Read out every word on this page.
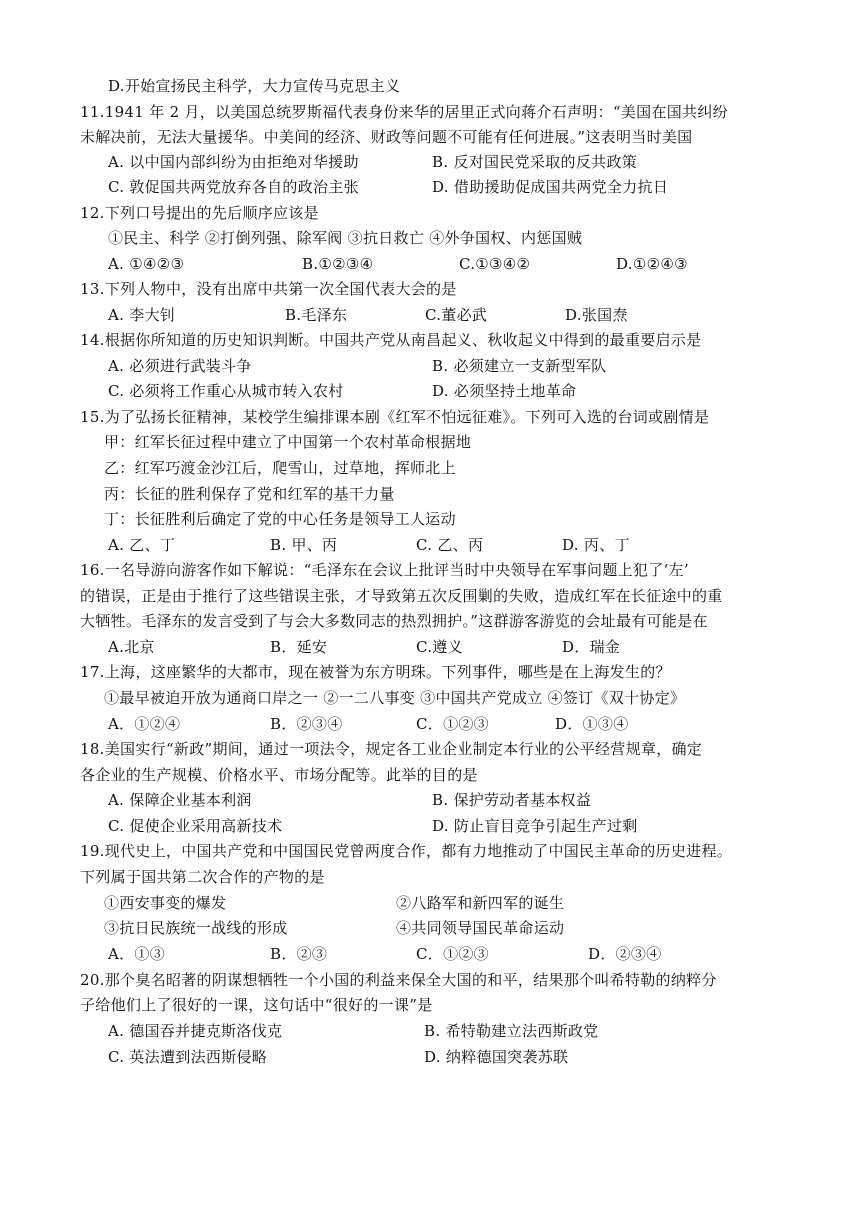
D.开始宣扬民主科学，大力宣传马克思主义
11.1941 年 2 月，以美国总统罗斯福代表身份来华的居里正式向蒋介石声明：“美国在国共纠纷
未解决前，无法大量援华。中美间的经济、财政等问题不可能有任何进展。”这表明当时美国
A. 以中国内部纠纷为由拒绝对华援助	B. 反对国民党采取的反共政策
C. 敦促国共两党放弃各自的政治主张	D. 借助援助促成国共两党全力抗日
12.下列口号提出的先后顺序应该是
①民主、科学 ②打倒列强、除军阀 ③抗日救亡 ④外争国权、内惩国贼
A. ①④②③	B.①②③④	C.①③④②	D.①②④③
13.下列人物中，没有出席中共第一次全国代表大会的是
A. 李大钊	B.毛泽东	C.董必武	D.张国焘
14.根据你所知道的历史知识判断。中国共产党从南昌起义、秋收起义中得到的最重要启示是
A. 必须进行武装斗争	B. 必须建立一支新型军队
C. 必须将工作重心从城市转入农村	D. 必须坚持土地革命
15.为了弘扬长征精神，某校学生编排课本剧《红军不怕远征难》。下列可入选的台词或剧情是
甲：红军长征过程中建立了中国第一个农村革命根据地
乙：红军巧渡金沙江后，爬雪山，过草地，挥师北上
丙：长征的胜利保存了党和红军的基干力量
丁：长征胜利后确定了党的中心任务是领导工人运动
A. 乙、丁	B. 甲、丙	C. 乙、丙	D. 丙、丁
16.一名导游向游客作如下解说：“毛泽东在会议上批评当时中央领导在军事问题上犯了‘左’
的错误，正是由于推行了这些错误主张，才导致第五次反围剿的失败，造成红军在长征途中的重
大牺牲。毛泽东的发言受到了与会大多数同志的热烈拥护。”这群游客游览的会址最有可能是在
A.北京	B．延安	C.遵义	D．瑞金
17.上海，这座繁华的大都市，现在被誉为东方明珠。下列事件，哪些是在上海发生的？
①最早被迫开放为通商口岸之一 ②一二八事变 ③中国共产党成立 ④签订《双十协定》
A．①②④	B．②③④	C．①②③	D．①③④
18.美国实行“新政”期间，通过一项法令，规定各工业企业制定本行业的公平经营规章，确定
各企业的生产规模、价格水平、市场分配等。此举的目的是
A. 保障企业基本利润	B. 保护劳动者基本权益
C. 促使企业采用高新技术	D. 防止盲目竞争引起生产过剩
19.现代史上，中国共产党和中国国民党曾两度合作，都有力地推动了中国民主革命的历史进程。
下列属于国共第二次合作的产物的是
①西安事变的爆发	②八路军和新四军的诞生
③抗日民族统一战线的形成	④共同领导国民革命运动
A．①③	B．②③	C．①②③	D．②③④
20.那个臭名昭著的阴谋想牺牲一个小国的利益来保全大国的和平，结果那个叫希特勒的纳粹分
子给他们上了很好的一课，这句话中“很好的一课”是
A. 德国吞并捷克斯洛伐克	B. 希特勒建立法西斯政党
C. 英法遭到法西斯侵略	D. 纳粹德国突袭苏联
